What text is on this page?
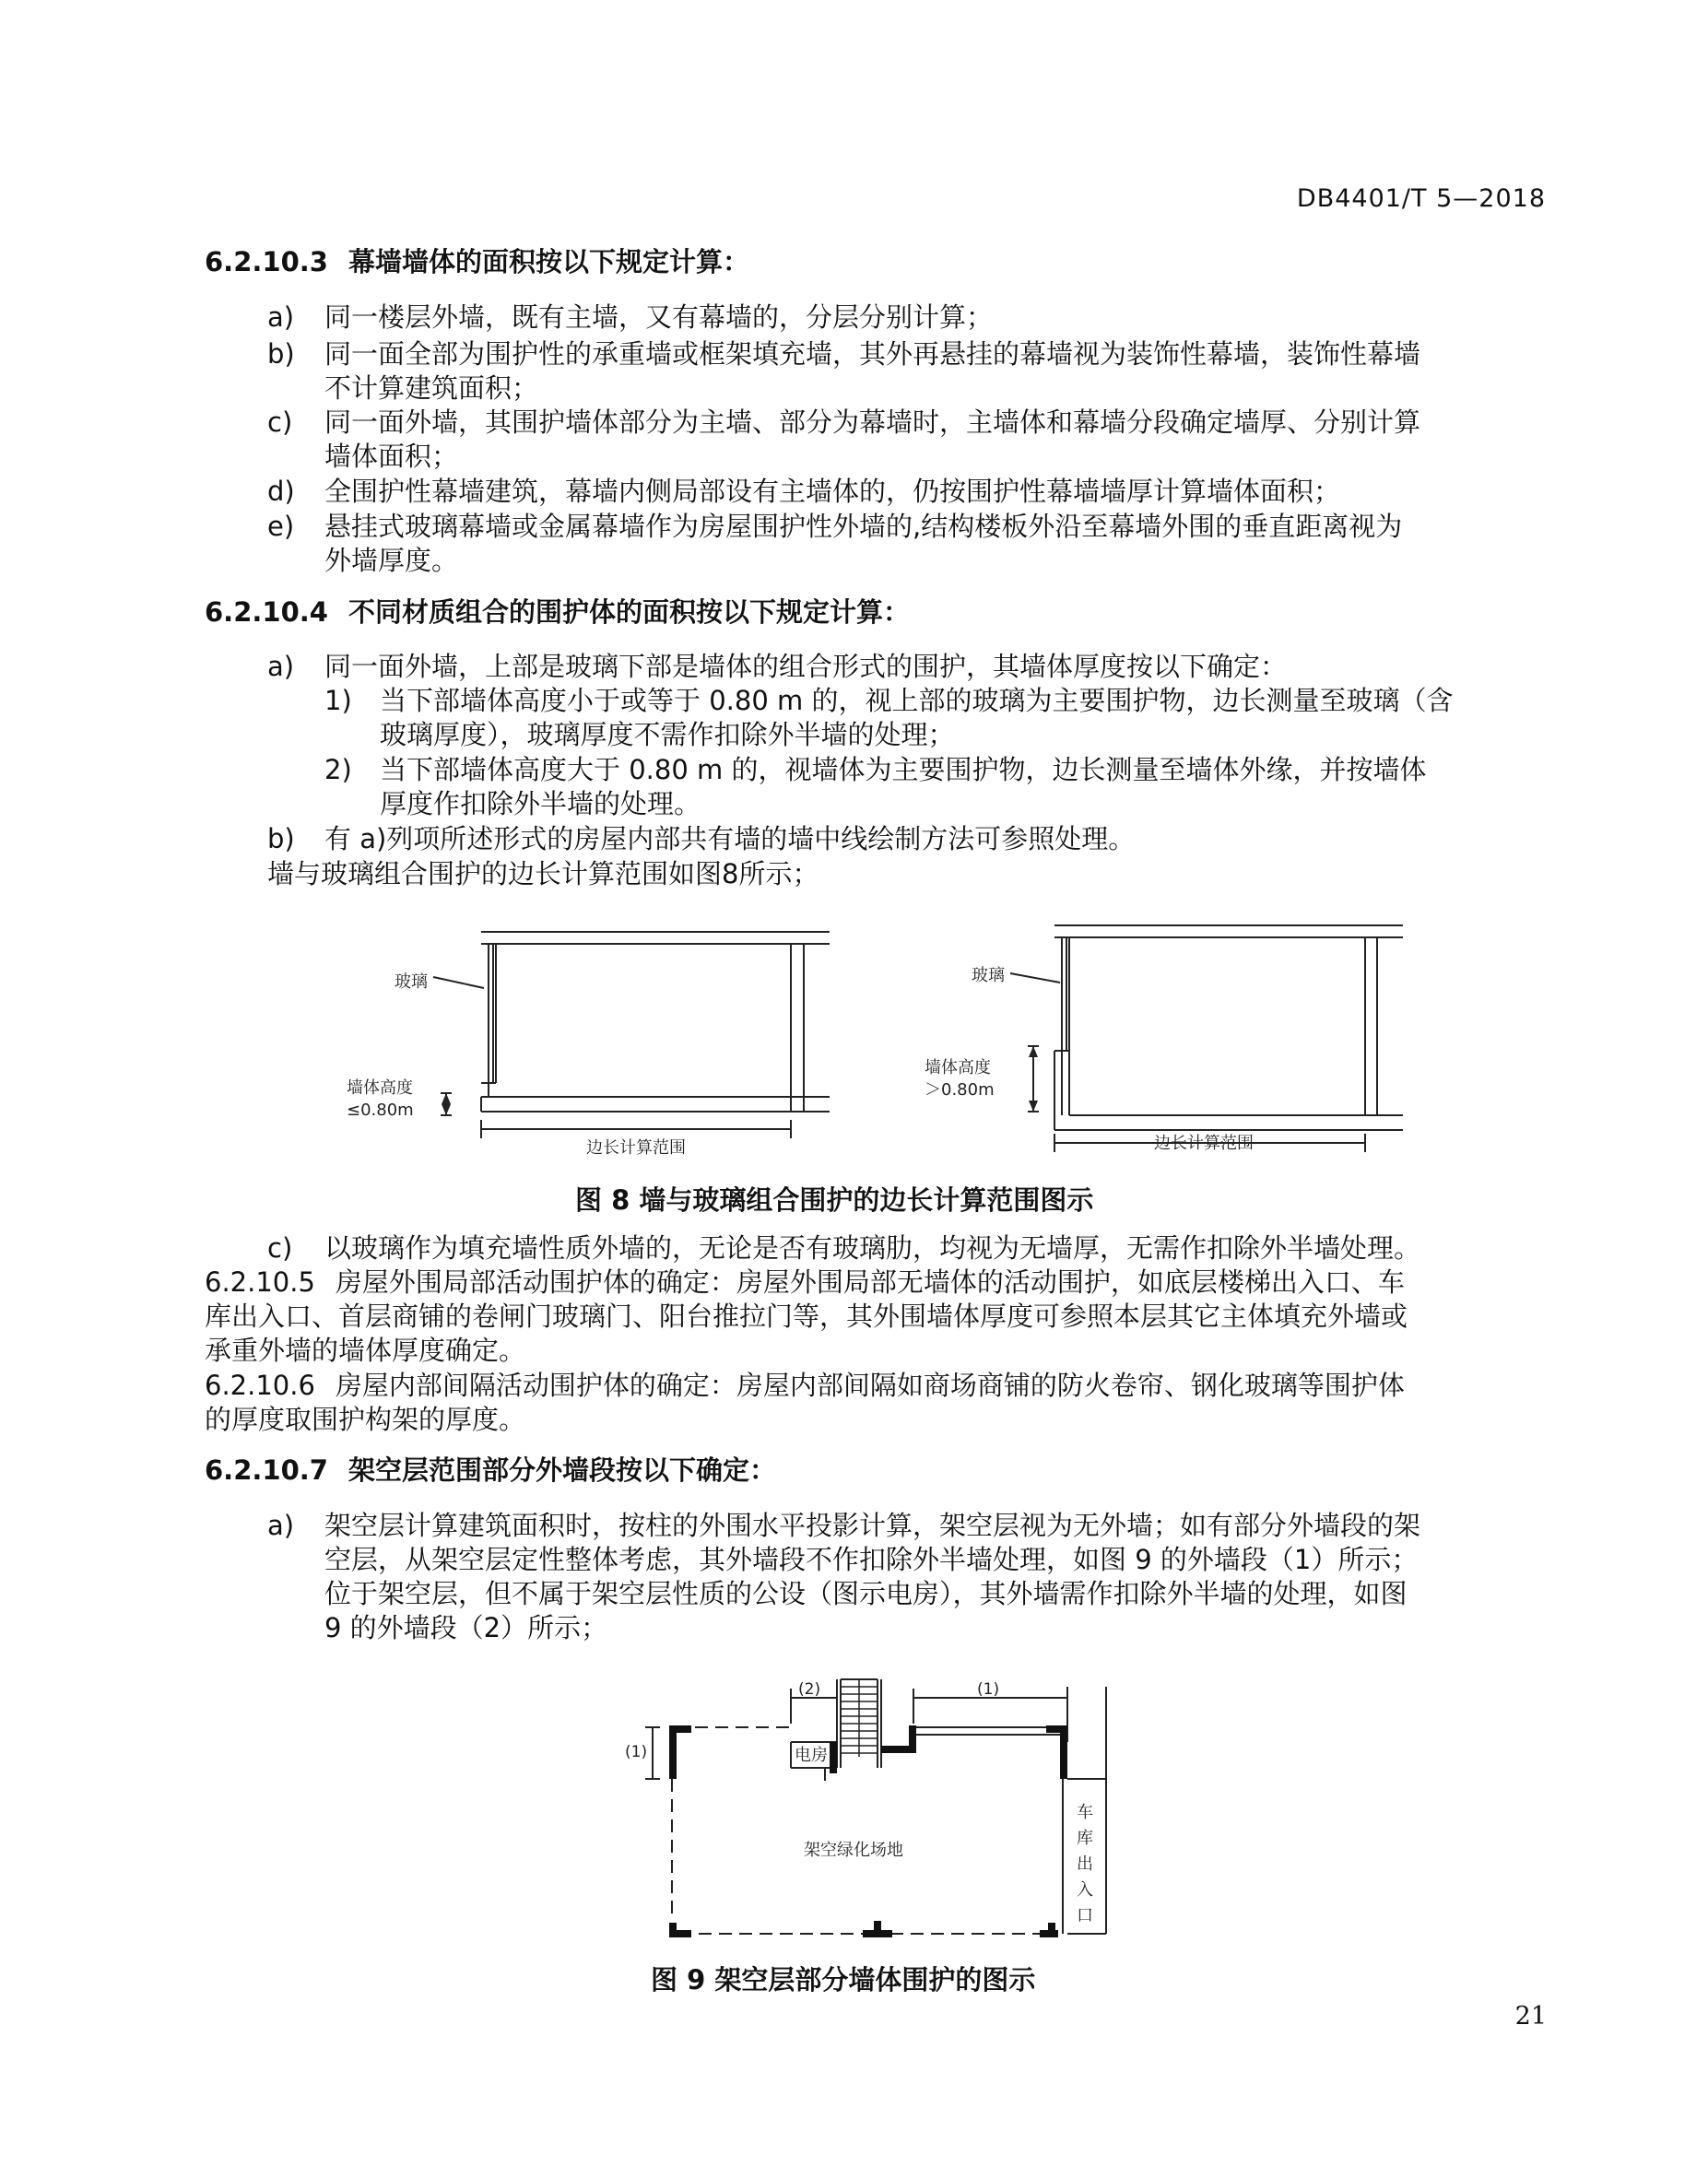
DB4401/T 5—2018
6.2.10.3 幕墙墙体的面积按以下规定计算：
a) 同一楼层外墙，既有主墙，又有幕墙的，分层分别计算；
b) 同一面全部为围护性的承重墙或框架填充墙，其外再悬挂的幕墙视为装饰性幕墙，装饰性幕墙
不计算建筑面积；
c) 同一面外墙，其围护墙体部分为主墙、部分为幕墙时，主墙体和幕墙分段确定墙厚、分别计算
墙体面积；
d) 全围护性幕墙建筑，幕墙内侧局部设有主墙体的，仍按围护性幕墙墙厚计算墙体面积；
e) 悬挂式玻璃幕墙或金属幕墙作为房屋围护性外墙的,结构楼板外沿至幕墙外围的垂直距离视为
外墙厚度。
6.2.10.4 不同材质组合的围护体的面积按以下规定计算：
a) 同一面外墙，上部是玻璃下部是墙体的组合形式的围护，其墙体厚度按以下确定：
1) 当下部墙体高度小于或等于 0.80 m 的，视上部的玻璃为主要围护物，边长测量至玻璃（含
玻璃厚度），玻璃厚度不需作扣除外半墙的处理；
2) 当下部墙体高度大于 0.80 m 的，视墙体为主要围护物，边长测量至墙体外缘，并按墙体
厚度作扣除外半墙的处理。
b) 有 a)列项所述形式的房屋内部共有墙的墙中线绘制方法可参照处理。
墙与玻璃组合围护的边长计算范围如图8所示；
玻璃
墙体高度
≤0.80m
边长计算范围
玻璃
墙体高度
＞0.80m
边长计算范围
图 8 墙与玻璃组合围护的边长计算范围图示
c) 以玻璃作为填充墙性质外墙的，无论是否有玻璃肋，均视为无墙厚，无需作扣除外半墙处理。
6.2.10.5 房屋外围局部活动围护体的确定：房屋外围局部无墙体的活动围护，如底层楼梯出入口、车
库出入口、首层商铺的卷闸门玻璃门、阳台推拉门等，其外围墙体厚度可参照本层其它主体填充外墙或
承重外墙的墙体厚度确定。
6.2.10.6 房屋内部间隔活动围护体的确定：房屋内部间隔如商场商铺的防火卷帘、钢化玻璃等围护体
的厚度取围护构架的厚度。
6.2.10.7 架空层范围部分外墙段按以下确定：
a) 架空层计算建筑面积时，按柱的外围水平投影计算，架空层视为无外墙；如有部分外墙段的架
空层，从架空层定性整体考虑，其外墙段不作扣除外半墙处理，如图 9 的外墙段（1）所示；
位于架空层，但不属于架空层性质的公设（图示电房），其外墙需作扣除外半墙的处理，如图
9 的外墙段（2）所示；
(2)	(1)
(1)	电房
架空绿化场地
车
库
出
入
口
图 9 架空层部分墙体围护的图示
21
